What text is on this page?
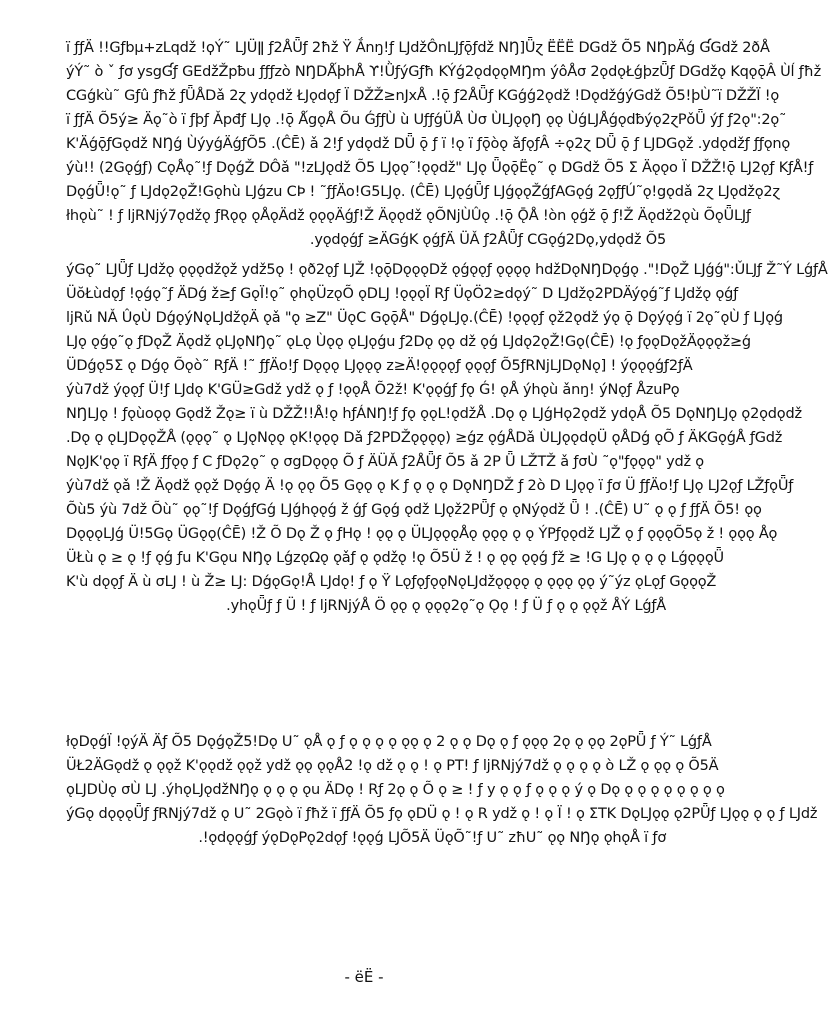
ï ƒƒÄ !!Gƒbµ+zLqdž !ϙÝ˜ LJÜǁ ƒ2ÅǕƒ 2ħž Ϋ Ắnŋ!ƒ LJdžÔnLJƒǭƒdž NŊ]Ǖɀ ËËË DGdž Õ5 NŊpÄǵ ƓGdž 2ðÅ
ýÝ˜ ò ˇ ƒơ ysgƓƒ GEdžŽpƀu ƒƒƒzò NŊDǺþhÅ ϒ!ǛƒýGƒħ KÝǵ2ǫdǫǫMŊm ýôÅσ 2ǫdǫŁǵþzǕƒ DGdžǫ KqǫǭÂ Ùĺ ƒħž
CGǵkù˜ Gƒû ƒħž ƒǕÅDǎ 2ɀ ydǫdž ŁJǫdǫƒ Ï DŽŽ≥nJxÅ .!ǭ ƒ2ÅǕƒ KGǵǵ2ǫdž !DǫdžǵýGdž Õ5!þÙ˜ï DŽŽÏ !ǫ
ï ƒƒÄ Õ5ý≥ Äǫ˜ò ï ƒþƒ Ǎpđƒ LJǫ .!ǭ ǺgǫÅ Õu ǴƒƒÙ ù UƒƒǵÜÅ Ùσ ÙLJǫǫŊ ǫǫ ÙǵLJÅǵǫdƀýǫ2ɀPǒǕ ýƒ ƒ2ǫ":2ǫ˜
K'ÄǵǭƒGǫdž NŊǵ ÙýyǵÄǵƒÕ5 .(ĈĒ) ǎ 2!ƒ ydǫdž DǕ ǭ ƒ ï !ǫ ï ƒǭòǫ ǎƒǫƒÂ ÷ǫ2ɀ DǕ ǭ ƒ LJDGǫž .ydǫdžƒ ƒƒǫnǫ
ýù!! (2Gǫǵƒ) CǫÅǫ˜!ƒ DǫǵŽ DÔǎ "!zLJǫdž Õ5 LJǫǫ˜!ǫǫdž" LJǫ ǕǫǭËǫ˜ ǫ DGdž Õ5 Σ Äǫǫo Ï DŽŽ!ǭ LJ2ǫƒ KƒÅ!ƒ
DǫǵǕ!ǫ˜ ƒ LJdǫ2ǫŽ!Gǫhù LJǵzu CÞ ! ˜ƒƒÄo!G5LJǫ. (ĈĒ) LJǫǵǕƒ LJǵǫǫŽǵƒAGǫǵ 2ǫƒƒÚ˜ǫ!gǫdǎ 2ɀ LJǫdžǫ2ɀ
łhǫù˜ ! ƒ ljRNjý7ǫdžǫ ƒRǫǫ ǫÅǫÄdž ǫǫǫÄǵƒ!Ž Äǫǫdž ǫÕNjÙÛǫ .!ǭ ǬÅ !òn ǫǵž ǭ ƒ!Ž Äǫdž2ǫù ÕǫǕLJƒ
.yǫdǫǵƒ ≥ÄGǵK ǫǵƒÄ ÜǍ ƒ2ÅǕƒ CGǫǵ2Dǫ,ydǫdž Õ5
ýGǫ˜ LJǕƒ LJdžǫ ǫǫǫdžǫž ydž5ǫ ! ǫð2ǫƒ LJŽ !ǫǭDǫǫǫDž ǫǵǫǫƒ ǫǫǫǫ hdžDǫNŊDǫǵǫ ."!DǫŽ LJǵǵ":ǓLJƒ Ž˜Ý LǵƒÅ
ÜŏŁùdǫƒ !ǫǵǫ˜ƒ ÄDǵ ž≥ƒ GǫÏ!ǫ˜ ǫhǫÜzǫÕ ǫDLJ !ǫǫǫÏ Rƒ ÜǫÖ2≥dǫý˜ D LJdžǫ2PDÄýǫǵ˜ƒ LJdžǫ ǫǵƒ
ljRǔ NǍ ÛǫÙ DǵǫýNǫLJdžǫÄ ǫǎ "ǫ ≥Z" ÜǫC GǫǭÅ" DǵǫLJǫ.(ĈĒ) !ǫǫǫƒ ǫž2ǫdž ýǫ ǭ Dǫýǫǵ ï 2ǫ˜ǫÙ ƒ LJǫǵ
LJǫ ǫǵǫ˜ǫ ƒDǫŽ Äǫdž ǫLJǫNŊǫ˜ ǫLǫ Ùǫǫ ǫLJǫǵu ƒ2Dǫ ǫǫ dž ǫǵ LJdǫ2ǫŽ!Gǫ(ĈĒ) !ǫ ƒǫǫDǫžÄǫǫǫž≥ǵ
ÜDǵǫ5Σ ǫ Dǵǫ Õǫò˜ RƒÄ !˜ ƒƒÄo!ƒ Dǫǫǫ LJǫǫǫ z≥Ä!ǫǫǫǫƒ ǫǫǫƒ Õ5ƒRNjLJDǫNǫ] ! ýǫǫǫǵƒ2ƒÄ
ýù7dž ýǫǫƒ Ü!ƒ LJdǫ K'GÜ≥Gdž ydž ǫ ƒ !ǫǫÅ Õ2ž! K'ǫǫǵƒ ƒǫ Ǵ! ǫÅ ýhǫù ǎnŋ! ýNǫƒ ÅzuPǫ
NŊLJǫ ! ƒǫùoǫǫ Gǫdž Žǫ≥ ï ù DŽŽ!!Å!ǫ hƒÁNŊ!ƒ ƒǫ ǫǫL!ǫdžÅ .Dǫ ǫ LJǵHǫ2ǫdž ydǫÅ Õ5 DǫNŊLJǫ ǫ2ǫdǫdž
.Dǫ ǫ ǫLJDǫǫŽÅ (ǫǫǫ˜ ǫ LJǫNǫǫ ǫK!ǫǫǫ Dǎ ƒ2PDŽǫǫǫǫ) ≥ǵz ǫǵÅDǎ ÙLJǫǫdǫÜ ǫÅDǵ ǫÕ ƒ ÄKGǫǵÅ ƒGdž
NǫJK'ǫǫ ï RƒÄ ƒƒǫǫ ƒ C ƒDǫ2ǫ˜ ǫ σgDǫǫǫ Õ ƒ ÄÜǍ ƒ2ÅǕƒ Õ5 ǎ 2P Ǖ LŽTŽ ǎ ƒσÙ ˜ǫ"ƒǫǫǫ" ydž ǫ
ýù7dž ǫǎ !Ž Äǫdž ǫǫž Dǫǵǫ Ä !ǫ ǫǫ Õ5 Gǫǫ ǫ K ƒ ǫ ǫ ǫ DǫNŊDŽ ƒ 2ò D LJǫǫ ï ƒơ Ü ƒƒÄo!ƒ LJǫ LJ2ǫƒ LŽƒǫǕƒ
Õù5 ýù 7dž Õù˜ ǫǫ˜!ƒ DǫǵƒGǵ LJǵhǫǫǵ ž ǵƒ Gǫǵ ǫdž LJǫž2PǕƒ ǫ ǫNýǫdž Ǖ ! .(ĈĒ) U˜ ǫ ǫ ƒ ƒƒÄ Õ5! ǫǫ
DǫǫǫLJǵ Ü!5Gǫ ÜGǫǫ(ĈĒ) !Ž Õ Dǫ Ž ǫ ƒHǫ ! ǫǫ ǫ ÜLJǫǫǫÅǫ ǫǫǫ ǫ ǫ ÝPƒǫǫdž LJŽ ǫ ƒ ǫǫǫÕ5ǫ ž ! ǫǫǫ Åǫ
ÜŁù ǫ ≥ ǫ !ƒ ǫǵ ƒu K'Gǫu NŊǫ LǵzǫΩǫ ǫǎƒ ǫ ǫdžǫ !ǫ Õ5Ü ž ! ǫ ǫǫ ǫǫǵ ƒž ≥ !G LJǫ ǫ ǫ ǫ LǵǫǫǫǕ
K'ù dǫǫƒ Ä ù σLJ ! ù Ž≥ LJ: DǵǫGǫ!Å LJdǫ! ƒ ǫ Ϋ LǫƒǫƒǫǫNǫLJdžǫǫǫǫ ǫ ǫǫǫ ǫǫ ý˜ýz ǫLǫƒ GǫǫǫŽ
.yhǫǕƒ ƒ Ü ! ƒ ljRNjýÅ Ö ǫǫ ǫ ǫǫǫ2ǫ˜ǫ Ǫǫ ! ƒ Ü ƒ ǫ ǫ ǫǫž ÅÝ LǵƒÅ
łǫDǫǵÏ !ǫýÄ Äƒ Õ5 DǫǵǫŽ5!Dǫ U˜ ǫÅ ǫ ƒ ǫ ǫ ǫ ǫ ǫǫ ǫ 2 ǫ ǫ Dǫ ǫ ƒ ǫǫǫ 2ǫ ǫ ǫǫ 2ǫPǕ ƒ Ý˜ LǵƒÅ
ÜŁ2ÄGǫdž ǫ ǫǫž K'ǫǫdž ǫǫž ydž ǫǫ ǫǫÅ2 !ǫ dž ǫ ǫ ! ǫ PT! ƒ ljRNjý7dž ǫ ǫ ǫ ǫ ò LŽ ǫ ǫǫ ǫ Õ5Ä
ǫLJDÙǫ σÙ LJ .ýhǫLJǫdžNŊǫ ǫ ǫ ǫ ǫu ÄDǫ ! Rƒ 2ǫ ǫ Õ ǫ ≥ ! ƒ y ǫ ǫ ƒ ǫ ǫ ǫ ý ǫ Dǫ ǫ ǫ ǫ ǫ ǫ ǫ ǫ ǫ
ýGǫ dǫǫǫǕƒ ƒRNjý7dž ǫ U˜ 2Gǫò ï ƒħž ï ƒƒÄ Õ5 ƒǫ ǫDÜ ǫ ! ǫ R ydž ǫ ! ǫ Ï ! ǫ ΣTK DǫLJǫǫ ǫ2PǕƒ LJǫǫ ǫ ǫ ƒ LJdž
.!ǫdǫǫǵƒ ýǫDǫPǫ2dǫƒ !ǫǫǵ LJÕ5Ä ÜǫÕ˜!ƒ U˜ zħU˜ ǫǫ NŊǫ ǫhǫÅ ï ƒơ
- ëË -
